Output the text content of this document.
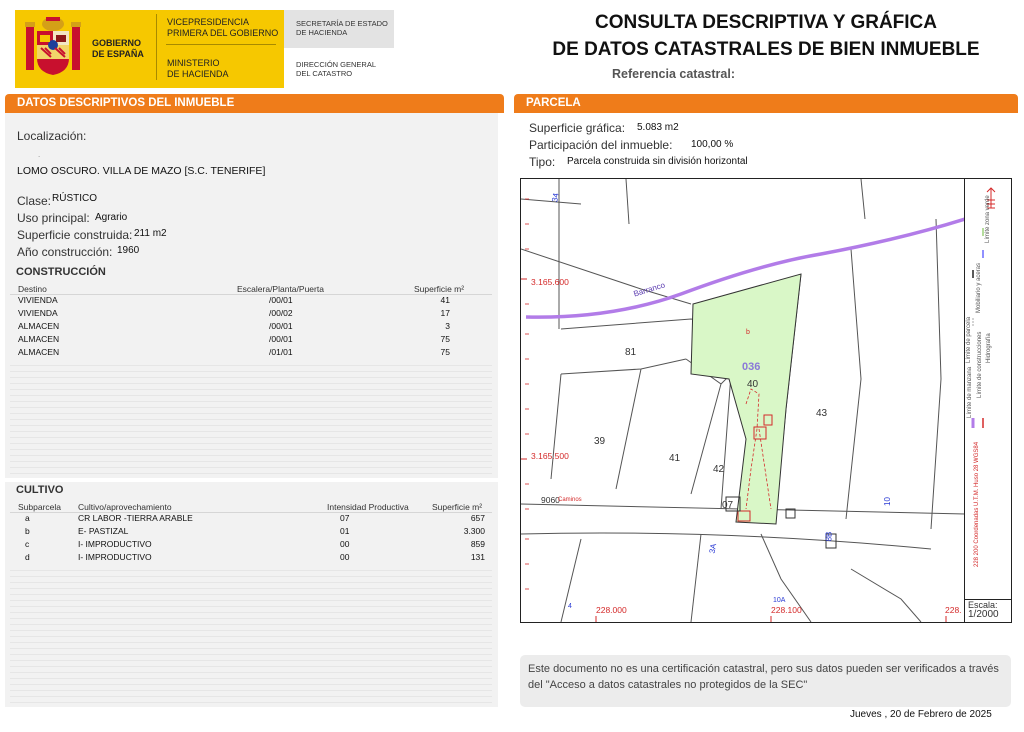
GOBIERNO
DE ESPAÑA
VICEPRESIDENCIA
PRIMERA DEL GOBIERNO
MINISTERIO
DE HACIENDA
SECRETARÍA DE ESTADO
DE HACIENDA
DIRECCIÓN GENERAL
DEL CATASTRO
CONSULTA DESCRIPTIVA Y GRÁFICA
DE DATOS CATASTRALES DE BIEN INMUEBLE
Referencia catastral:
DATOS DESCRIPTIVOS DEL INMUEBLE
Localización:
.
LOMO OSCURO. VILLA DE MAZO [S.C. TENERIFE]
Clase: RÚSTICO
Uso principal: Agrario
Superficie construida: 211 m2
Año construcción: 1960
CONSTRUCCIÓN
Destino	Escalera/Planta/Puerta	Superficie m²
VIVIENDA	/00/01	41
VIVIENDA	/00/02	17
ALMACEN	/00/01	3
ALMACEN	/00/01	75
ALMACEN	/01/01	75
CULTIVO
Subparcela Cultivo/aprovechamiento	Intensidad Productiva	Superficie m²
a	CR LABOR -TIERRA ARABLE	07	657
b	E- PASTIZAL	01	3.300
c	I- IMPRODUCTIVO	00	859
d	I- IMPRODUCTIVO	00	131
PARCELA
Superficie gráfica: 5.083 m2
Participación del inmueble: 100,00 %
Tipo: Parcela construida sin división horizontal
3.165.600
3.165.500
228.000	228.100	228.
Barranco
036
b
81
40
43
39
41
42
07	10
9060
34
3A
8B
10A
4
Caminos
Límite de parcela Hidrografía
Límite zona verde
Mobiliario y aceras
Límite de construcciones
Límite de manzana
228 200 Coordenadas U.T.M. Huso 28 WGS84
Escala:
1/2000
Este documento no es una certificación catastral, pero sus datos pueden ser verificados a través del "Acceso a datos catastrales no protegidos de la SEC"
Jueves , 20 de Febrero de 2025
